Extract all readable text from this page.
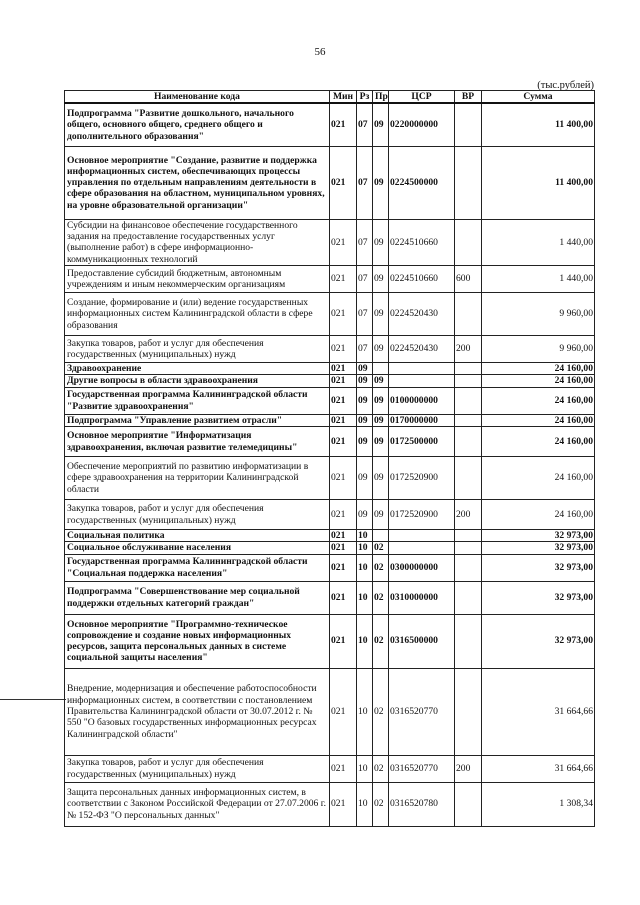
56
(тыс.рублей)
Наименование кода	Мин	Рз	Пр	ЦСР	ВР	Сумма
Подпрограмма "Развитие дошкольного, начального общего, основного общего, среднего общего и дополнительного образования"	021	07	09	0220000000		11 400,00
Основное мероприятие "Создание, развитие и поддержка информационных систем, обеспечивающих процессы управления по отдельным направлениям деятельности в сфере образования на областном, муниципальном уровнях, на уровне образовательной организации"	021	07	09	0224500000		11 400,00
Субсидии на финансовое обеспечение государственного задания на предоставление государственных услуг (выполнение работ) в сфере информационно-коммуникационных технологий	021	07	09	0224510660		1 440,00
Предоставление субсидий бюджетным, автономным учреждениям и иным некоммерческим организациям	021	07	09	0224510660	600	1 440,00
Создание, формирование и (или) ведение государственных информационных систем Калининградской области в сфере образования	021	07	09	0224520430		9 960,00
Закупка товаров, работ и услуг для обеспечения государственных (муниципальных) нужд	021	07	09	0224520430	200	9 960,00
Здравоохранение	021	09				24 160,00
Другие вопросы в области здравоохранения	021	09	09			24 160,00
Государственная программа Калининградской области "Развитие здравоохранения"	021	09	09	0100000000		24 160,00
Подпрограмма "Управление развитием отрасли"	021	09	09	0170000000		24 160,00
Основное мероприятие "Информатизация здравоохранения, включая развитие телемедицины"	021	09	09	0172500000		24 160,00
Обеспечение мероприятий по развитию информатизации в сфере здравоохранения на территории Калининградской области	021	09	09	0172520900		24 160,00
Закупка товаров, работ и услуг для обеспечения государственных (муниципальных) нужд	021	09	09	0172520900	200	24 160,00
Социальная политика	021	10				32 973,00
Социальное обслуживание населения	021	10	02			32 973,00
Государственная программа Калининградской области "Социальная поддержка населения"	021	10	02	0300000000		32 973,00
Подпрограмма "Совершенствование мер социальной поддержки отдельных категорий граждан"	021	10	02	0310000000		32 973,00
Основное мероприятие "Программно-техническое сопровождение и создание новых информационных ресурсов, защита персональных данных в системе социальной защиты населения"	021	10	02	0316500000		32 973,00
Внедрение, модернизация и обеспечение работоспособности информационных систем, в соответствии с постановлением Правительства Калининградской области от 30.07.2012 г. № 550 "О базовых государственных информационных ресурсах Калининградской области"	021	10	02	0316520770		31 664,66
Закупка товаров, работ и услуг для обеспечения государственных (муниципальных) нужд	021	10	02	0316520770	200	31 664,66
Защита персональных данных информационных систем, в соответствии с Законом Российской Федерации от 27.07.2006 г. № 152-ФЗ "О персональных данных"	021	10	02	0316520780		1 308,34
